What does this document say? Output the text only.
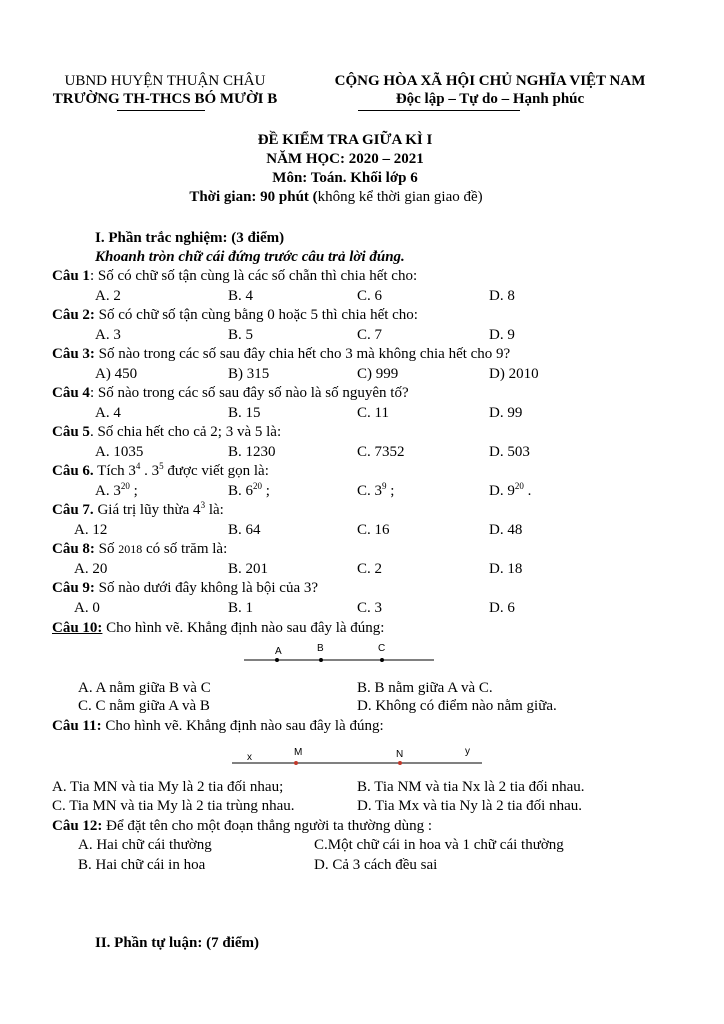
UBND HUYỆN THUẬN CHÂU
TRƯỜNG TH-THCS BÓ MƯỜI B
CỘNG HÒA XÃ HỘI CHỦ NGHĨA VIỆT NAM
Độc lập – Tự do – Hạnh phúc
ĐỀ KIỂM TRA GIỮA KÌ I
NĂM HỌC: 2020 – 2021
Môn: Toán. Khối lớp 6
Thời gian: 90 phút (không kể thời gian giao đề)
I. Phần trắc nghiệm: (3 điểm)
Khoanh tròn chữ cái đứng trước câu trả lời đúng.
Câu 1: Số có chữ số tận cùng là các số chẵn thì chia hết cho:
A. 2	B. 4	C. 6	D. 8
Câu 2: Số có chữ số tận cùng bằng 0 hoặc 5 thì chia hết cho:
A. 3	B. 5	C. 7	D. 9
Câu 3: Số nào trong các số sau đây chia hết cho 3 mà không chia hết cho 9?
A) 450	B) 315	C) 999	D) 2010
Câu 4: Số nào trong các số sau đây số nào là số nguyên tố?
A. 4	B. 15	C. 11	D. 99
Câu 5. Số chia hết cho cả 2; 3 và 5 là:
A. 1035	B. 1230	C. 7352	D. 503
Câu 6. Tích $3^4$ . $3^5$ được viết gọn là:
A. $3^{20}$ ;	B. $6^{20}$ ;	C. $3^9$ ;	D. $9^{20}$ .
Câu 7. Giá trị lũy thừa $4^3$ là:
A. 12	B. 64	C. 16	D. 48
Câu 8: Số 2018 có số trăm là:
A. 20	B. 201	C. 2	D. 18
Câu 9: Số nào dưới đây không là bội của 3?
A. 0	B. 1	C. 3	D. 6
Câu 10: Cho hình vẽ. Khẳng định nào sau đây là đúng:
A	B	C
A. A nằm giữa B và C	B. B nằm giữa A và C.
C. C nằm giữa A và B	D. Không có điểm nào nằm giữa.
Câu 11: Cho hình vẽ. Khẳng định nào sau đây là đúng:
x	M	N	y
A. Tia MN và tia My là 2 tia đối nhau;	B. Tia NM và tia Nx là 2 tia đối nhau.
C. Tia MN và tia My là 2 tia trùng nhau.	D. Tia Mx và tia Ny là 2 tia đối nhau.
Câu 12: Để đặt tên cho một đoạn thẳng người ta thường dùng :
A. Hai chữ cái thường	C.Một chữ cái in hoa và 1 chữ cái thường
B. Hai chữ cái in hoa	D. Cả 3 cách đều sai
II. Phần tự luận: (7 điểm)
